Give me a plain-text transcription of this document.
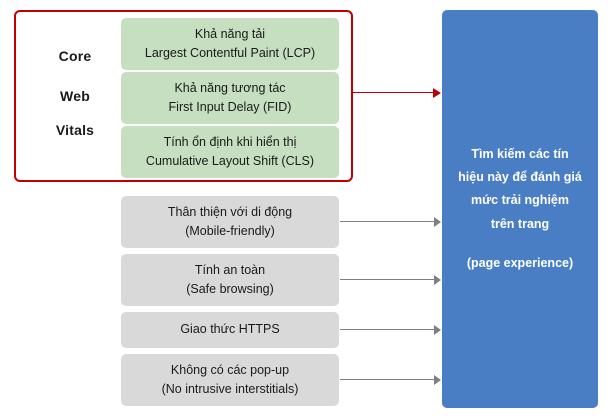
Core
Web
Vitals
Khả năng tải
Largest Contentful Paint (LCP)
Khả năng tương tác
First Input Delay (FID)
Tính ổn định khi hiển thị
Cumulative Layout Shift (CLS)
Thân thiện với di động
(Mobile-friendly)
Tính an toàn
(Safe browsing)
Giao thức HTTPS
Không có các pop-up
(No intrusive interstitials)
Tìm kiếm các tín
hiệu này để đánh giá
mức trải nghiệm
trên trang
(page experience)
